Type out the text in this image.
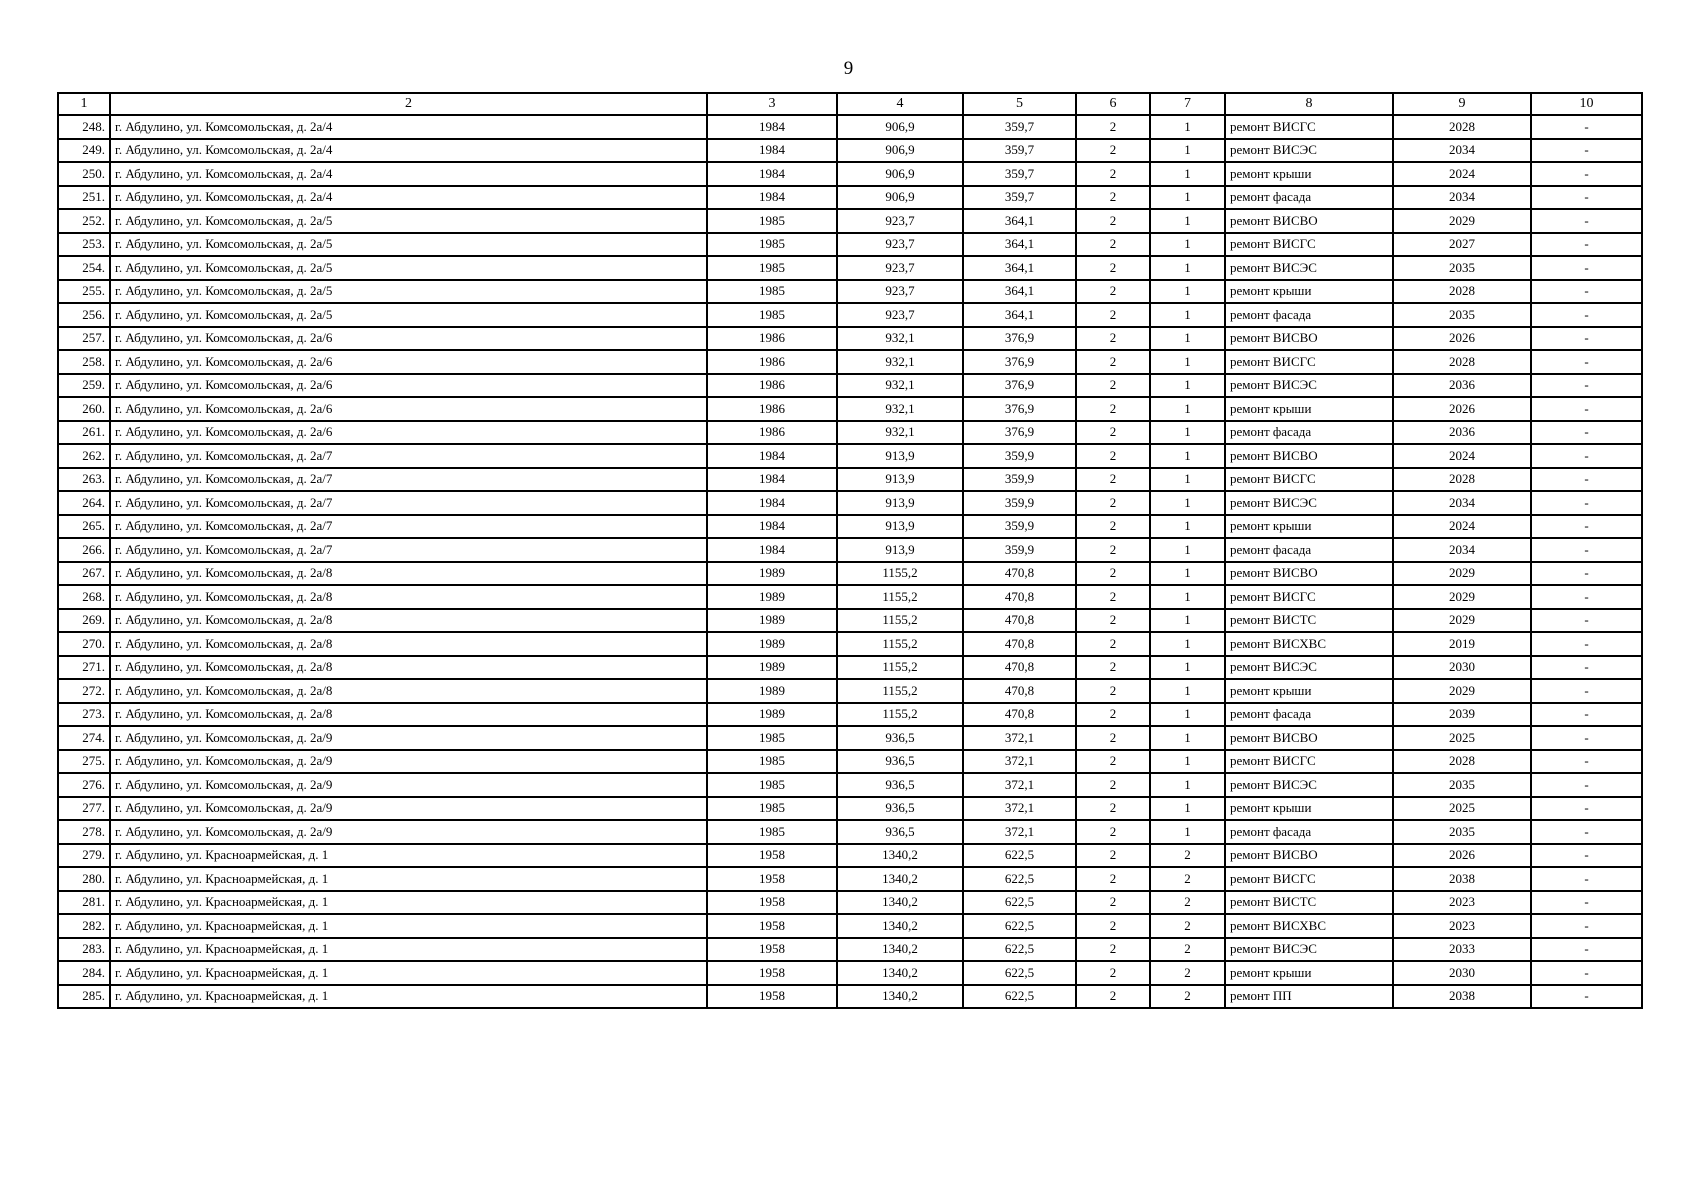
9
1	2	3	4	5	6	7	8	9	10
248.	г. Абдулино, ул. Комсомольская, д. 2а/4	1984	906,9	359,7	2	1	ремонт ВИСГС	2028	-
249.	г. Абдулино, ул. Комсомольская, д. 2а/4	1984	906,9	359,7	2	1	ремонт ВИСЭС	2034	-
250.	г. Абдулино, ул. Комсомольская, д. 2а/4	1984	906,9	359,7	2	1	ремонт крыши	2024	-
251.	г. Абдулино, ул. Комсомольская, д. 2а/4	1984	906,9	359,7	2	1	ремонт фасада	2034	-
252.	г. Абдулино, ул. Комсомольская, д. 2а/5	1985	923,7	364,1	2	1	ремонт ВИСВО	2029	-
253.	г. Абдулино, ул. Комсомольская, д. 2а/5	1985	923,7	364,1	2	1	ремонт ВИСГС	2027	-
254.	г. Абдулино, ул. Комсомольская, д. 2а/5	1985	923,7	364,1	2	1	ремонт ВИСЭС	2035	-
255.	г. Абдулино, ул. Комсомольская, д. 2а/5	1985	923,7	364,1	2	1	ремонт крыши	2028	-
256.	г. Абдулино, ул. Комсомольская, д. 2а/5	1985	923,7	364,1	2	1	ремонт фасада	2035	-
257.	г. Абдулино, ул. Комсомольская, д. 2а/6	1986	932,1	376,9	2	1	ремонт ВИСВО	2026	-
258.	г. Абдулино, ул. Комсомольская, д. 2а/6	1986	932,1	376,9	2	1	ремонт ВИСГС	2028	-
259.	г. Абдулино, ул. Комсомольская, д. 2а/6	1986	932,1	376,9	2	1	ремонт ВИСЭС	2036	-
260.	г. Абдулино, ул. Комсомольская, д. 2а/6	1986	932,1	376,9	2	1	ремонт крыши	2026	-
261.	г. Абдулино, ул. Комсомольская, д. 2а/6	1986	932,1	376,9	2	1	ремонт фасада	2036	-
262.	г. Абдулино, ул. Комсомольская, д. 2а/7	1984	913,9	359,9	2	1	ремонт ВИСВО	2024	-
263.	г. Абдулино, ул. Комсомольская, д. 2а/7	1984	913,9	359,9	2	1	ремонт ВИСГС	2028	-
264.	г. Абдулино, ул. Комсомольская, д. 2а/7	1984	913,9	359,9	2	1	ремонт ВИСЭС	2034	-
265.	г. Абдулино, ул. Комсомольская, д. 2а/7	1984	913,9	359,9	2	1	ремонт крыши	2024	-
266.	г. Абдулино, ул. Комсомольская, д. 2а/7	1984	913,9	359,9	2	1	ремонт фасада	2034	-
267.	г. Абдулино, ул. Комсомольская, д. 2а/8	1989	1155,2	470,8	2	1	ремонт ВИСВО	2029	-
268.	г. Абдулино, ул. Комсомольская, д. 2а/8	1989	1155,2	470,8	2	1	ремонт ВИСГС	2029	-
269.	г. Абдулино, ул. Комсомольская, д. 2а/8	1989	1155,2	470,8	2	1	ремонт ВИСТС	2029	-
270.	г. Абдулино, ул. Комсомольская, д. 2а/8	1989	1155,2	470,8	2	1	ремонт ВИСХВС	2019	-
271.	г. Абдулино, ул. Комсомольская, д. 2а/8	1989	1155,2	470,8	2	1	ремонт ВИСЭС	2030	-
272.	г. Абдулино, ул. Комсомольская, д. 2а/8	1989	1155,2	470,8	2	1	ремонт крыши	2029	-
273.	г. Абдулино, ул. Комсомольская, д. 2а/8	1989	1155,2	470,8	2	1	ремонт фасада	2039	-
274.	г. Абдулино, ул. Комсомольская, д. 2а/9	1985	936,5	372,1	2	1	ремонт ВИСВО	2025	-
275.	г. Абдулино, ул. Комсомольская, д. 2а/9	1985	936,5	372,1	2	1	ремонт ВИСГС	2028	-
276.	г. Абдулино, ул. Комсомольская, д. 2а/9	1985	936,5	372,1	2	1	ремонт ВИСЭС	2035	-
277.	г. Абдулино, ул. Комсомольская, д. 2а/9	1985	936,5	372,1	2	1	ремонт крыши	2025	-
278.	г. Абдулино, ул. Комсомольская, д. 2а/9	1985	936,5	372,1	2	1	ремонт фасада	2035	-
279.	г. Абдулино, ул. Красноармейская, д. 1	1958	1340,2	622,5	2	2	ремонт ВИСВО	2026	-
280.	г. Абдулино, ул. Красноармейская, д. 1	1958	1340,2	622,5	2	2	ремонт ВИСГС	2038	-
281.	г. Абдулино, ул. Красноармейская, д. 1	1958	1340,2	622,5	2	2	ремонт ВИСТС	2023	-
282.	г. Абдулино, ул. Красноармейская, д. 1	1958	1340,2	622,5	2	2	ремонт ВИСХВС	2023	-
283.	г. Абдулино, ул. Красноармейская, д. 1	1958	1340,2	622,5	2	2	ремонт ВИСЭС	2033	-
284.	г. Абдулино, ул. Красноармейская, д. 1	1958	1340,2	622,5	2	2	ремонт крыши	2030	-
285.	г. Абдулино, ул. Красноармейская, д. 1	1958	1340,2	622,5	2	2	ремонт ПП	2038	-
